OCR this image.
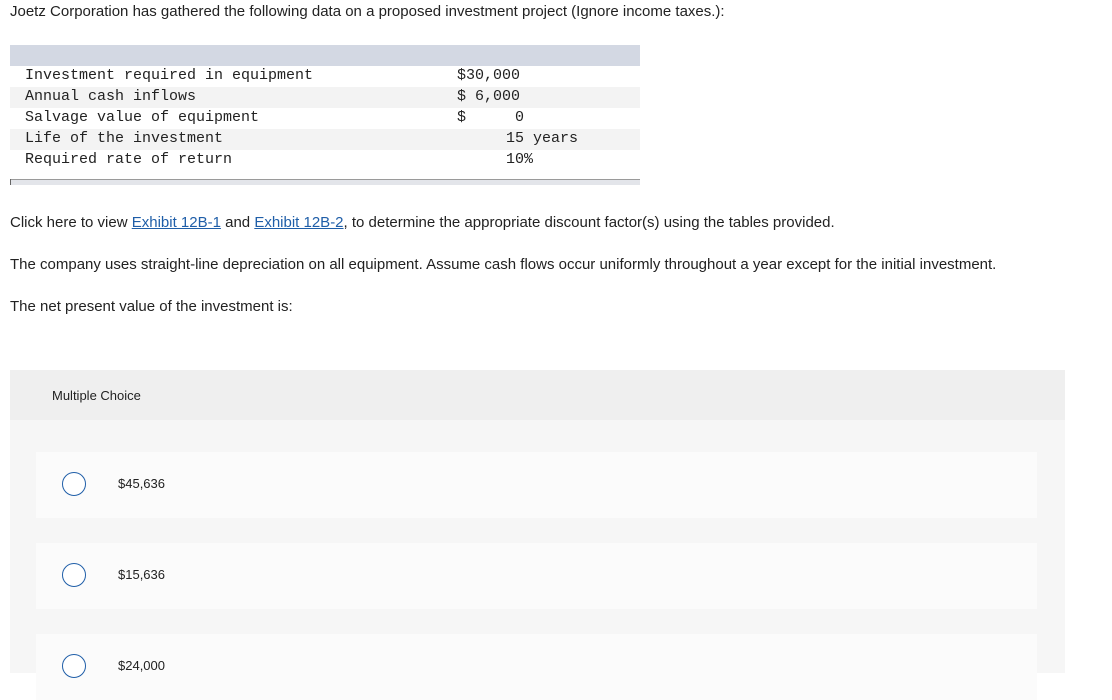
Joetz Corporation has gathered the following data on a proposed investment project (Ignore income taxes.):
Investment required in equipment	$30,000
Annual cash inflows	$ 6,000
Salvage value of equipment	$	0
Life of the investment	15 years
Required rate of return	10%
Click here to view Exhibit 12B-1 and Exhibit 12B-2, to determine the appropriate discount factor(s) using the tables provided.
The company uses straight-line depreciation on all equipment. Assume cash flows occur uniformly throughout a year except for the initial investment.
The net present value of the investment is:
Multiple Choice
$45,636
$15,636
$24,000
